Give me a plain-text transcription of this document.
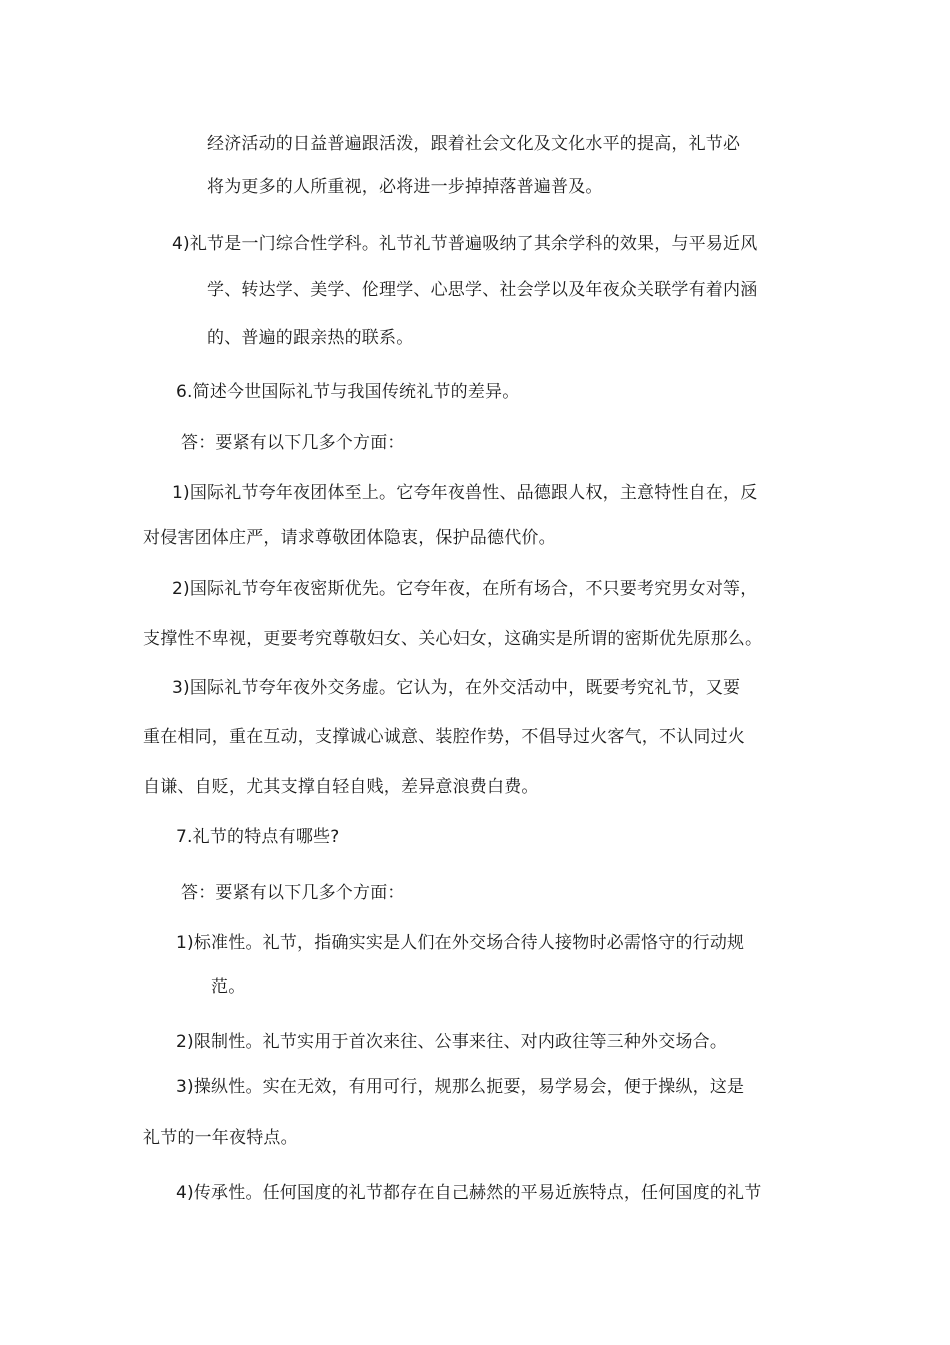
经济活动的日益普遍跟活泼，跟着社会文化及文化水平的提高，礼节必
将为更多的人所重视，必将进一步掉掉落普遍普及。
4)礼节是一门综合性学科。礼节礼节普遍吸纳了其余学科的效果，与平易近风
学、转达学、美学、伦理学、心思学、社会学以及年夜众关联学有着内涵
的、普遍的跟亲热的联系。
6.简述今世国际礼节与我国传统礼节的差异。
答：要紧有以下几多个方面：
1)国际礼节夸年夜团体至上。它夸年夜兽性、品德跟人权，主意特性自在，反
对侵害团体庄严，请求尊敬团体隐衷，保护品德代价。
2)国际礼节夸年夜密斯优先。它夸年夜，在所有场合，不只要考究男女对等，
支撑性不卑视，更要考究尊敬妇女、关心妇女，这确实是所谓的密斯优先原那么。
3)国际礼节夸年夜外交务虚。它认为，在外交活动中，既要考究礼节，又要
重在相同，重在互动，支撑诚心诚意、装腔作势，不倡导过火客气，不认同过火
自谦、自贬，尤其支撑自轻自贱，差异意浪费白费。
7.礼节的特点有哪些?
答：要紧有以下几多个方面：
1)标准性。礼节，指确实实是人们在外交场合待人接物时必需恪守的行动规
范。
2)限制性。礼节实用于首次来往、公事来往、对内政往等三种外交场合。
3)操纵性。实在无效，有用可行，规那么扼要，易学易会，便于操纵，这是
礼节的一年夜特点。
4)传承性。任何国度的礼节都存在自己赫然的平易近族特点，任何国度的礼节
